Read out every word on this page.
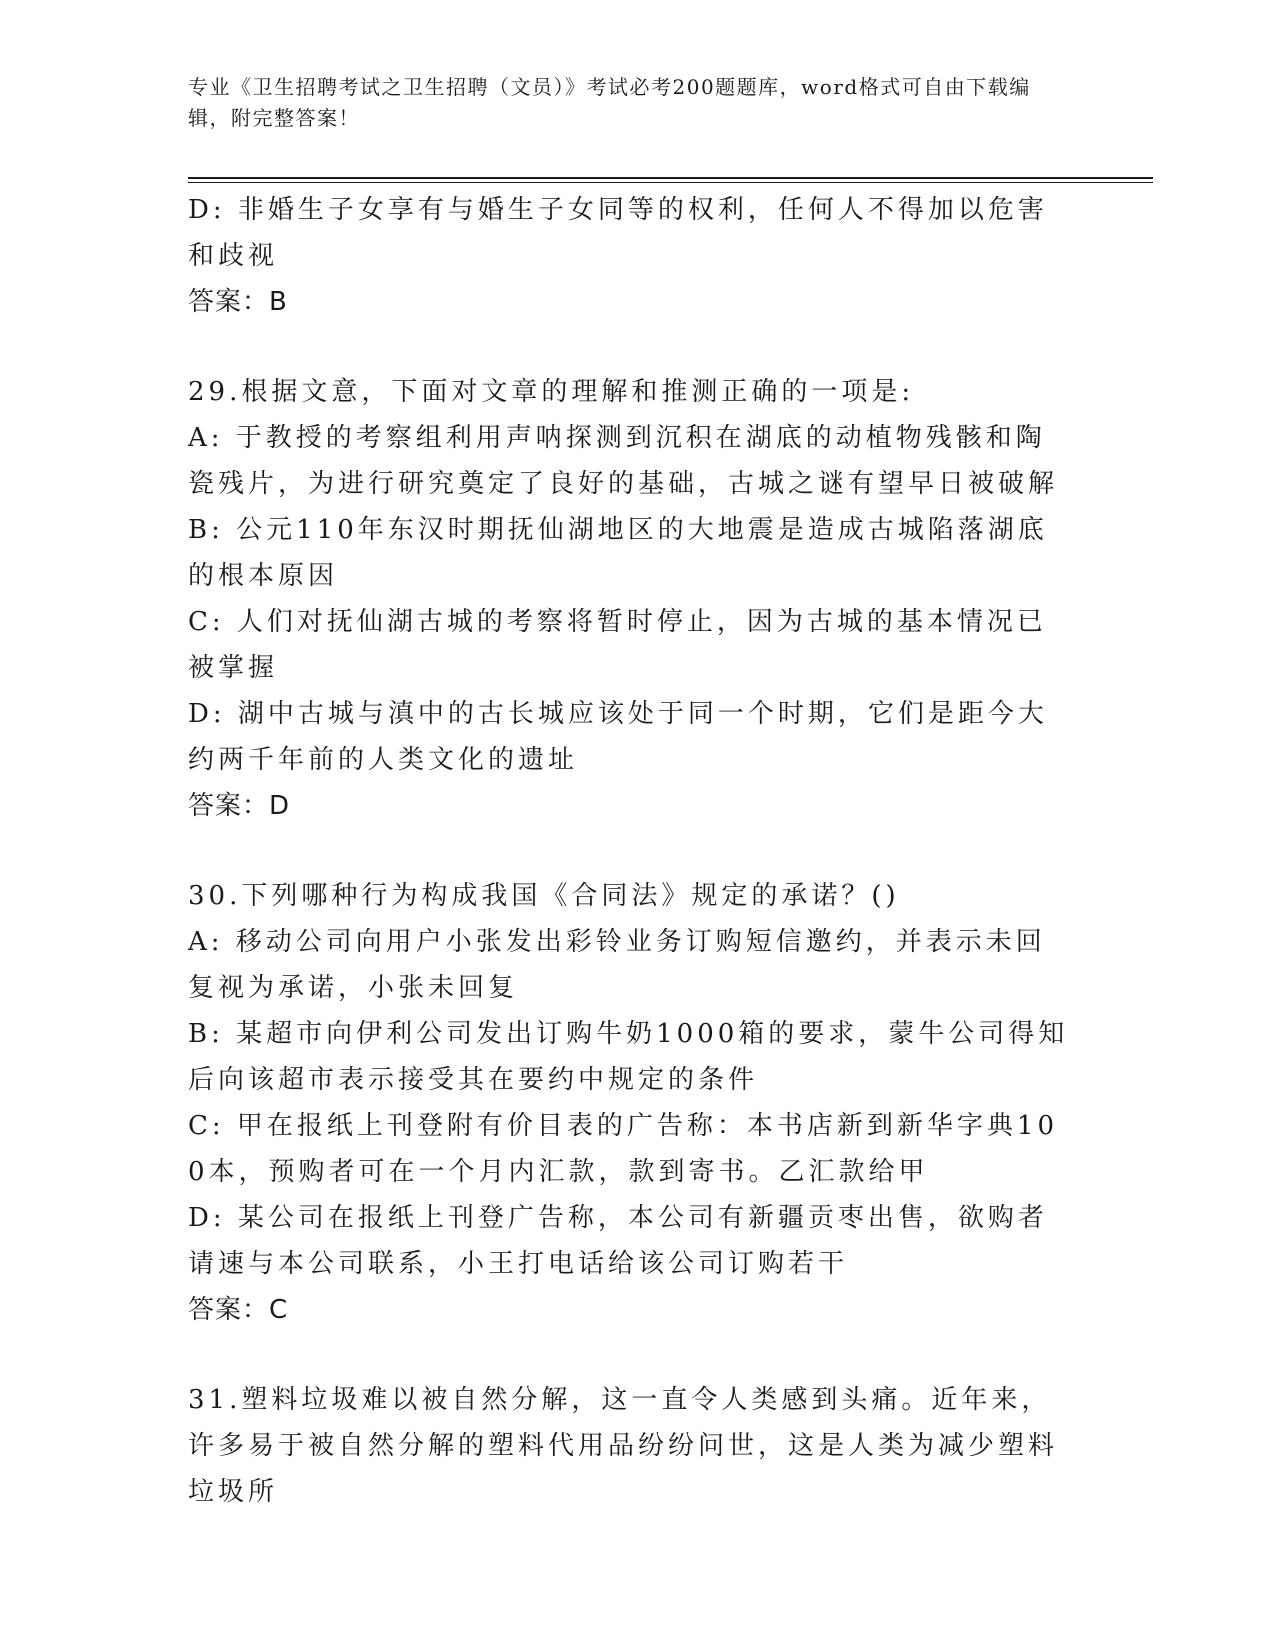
专业《卫生招聘考试之卫生招聘（文员）》考试必考200题题库，word格式可自由下载编辑，附完整答案！

D: 非婚生子女享有与婚生子女同等的权利，任何人不得加以危害和歧视

答案：B

29.根据文意，下面对文章的理解和推测正确的一项是:

A: 于教授的考察组利用声呐探测到沉积在湖底的动植物残骸和陶瓷残片，为进行研究奠定了良好的基础，古城之谜有望早日被破解

B: 公元110年东汉时期抚仙湖地区的大地震是造成古城陷落湖底的根本原因

C: 人们对抚仙湖古城的考察将暂时停止，因为古城的基本情况已被掌握

D: 湖中古城与滇中的古长城应该处于同一个时期，它们是距今大约两千年前的人类文化的遗址

答案：D

30.下列哪种行为构成我国《合同法》规定的承诺？()

A: 移动公司向用户小张发出彩铃业务订购短信邀约，并表示未回复视为承诺，小张未回复

B: 某超市向伊利公司发出订购牛奶1000箱的要求，蒙牛公司得知后向该超市表示接受其在要约中规定的条件

C: 甲在报纸上刊登附有价目表的广告称：本书店新到新华字典100本，预购者可在一个月内汇款，款到寄书。乙汇款给甲

D: 某公司在报纸上刊登广告称，本公司有新疆贡枣出售，欲购者请速与本公司联系，小王打电话给该公司订购若干

答案：C

31.塑料垃圾难以被自然分解，这一直令人类感到头痛。近年来，许多易于被自然分解的塑料代用品纷纷问世，这是人类为减少塑料垃圾所
